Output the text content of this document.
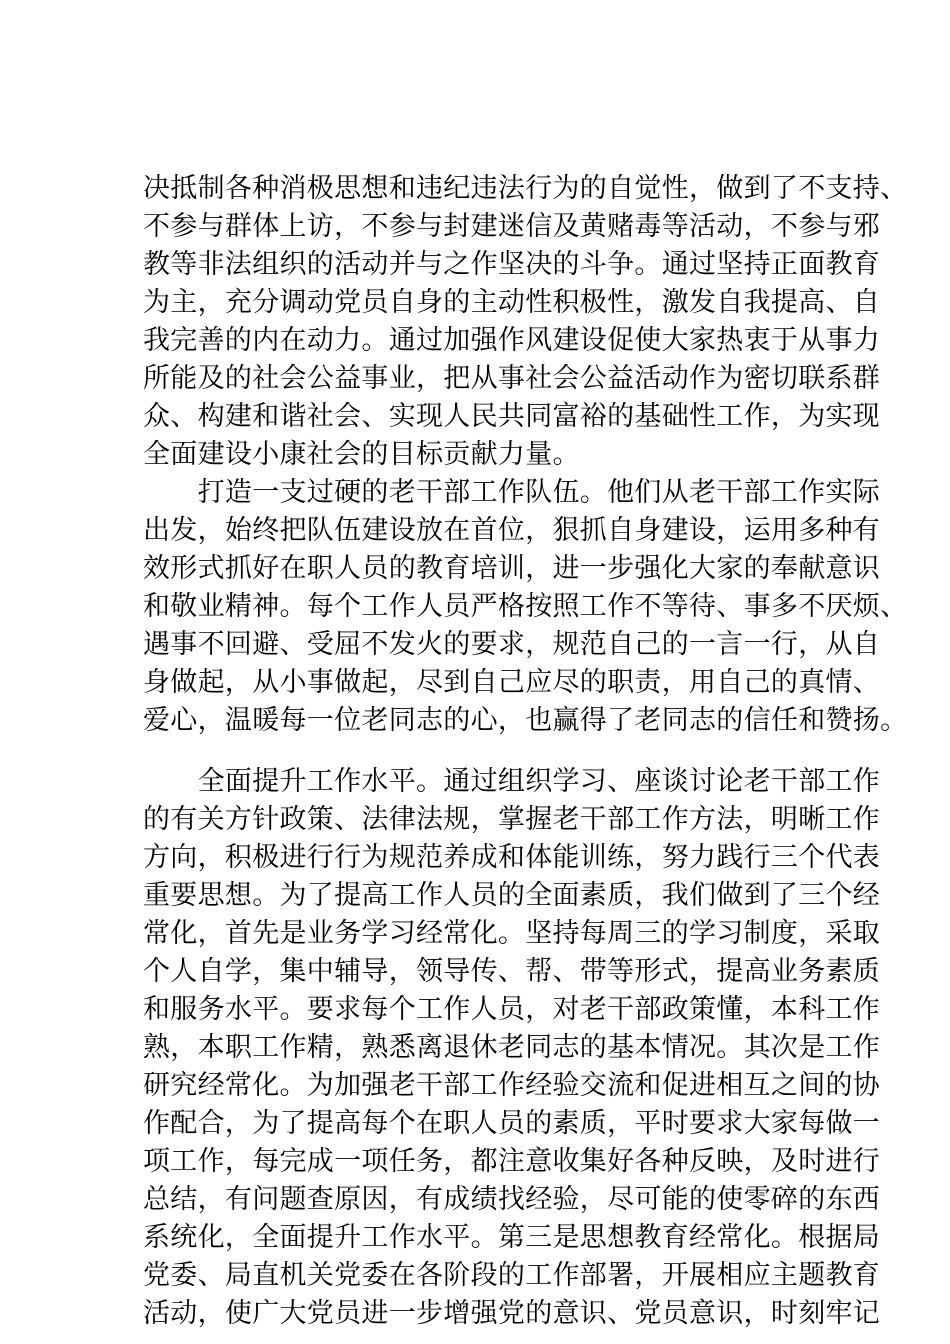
决抵制各种消极思想和违纪违法行为的自觉性，做到了不支持、
不参与群体上访，不参与封建迷信及黄赌毒等活动，不参与邪
教等非法组织的活动并与之作坚决的斗争。通过坚持正面教育
为主，充分调动党员自身的主动性积极性，激发自我提高、自
我完善的内在动力。通过加强作风建设促使大家热衷于从事力
所能及的社会公益事业，把从事社会公益活动作为密切联系群
众、构建和谐社会、实现人民共同富裕的基础性工作，为实现
全面建设小康社会的目标贡献力量。
　　打造一支过硬的老干部工作队伍。他们从老干部工作实际
出发，始终把队伍建设放在首位，狠抓自身建设，运用多种有
效形式抓好在职人员的教育培训，进一步强化大家的奉献意识
和敬业精神。每个工作人员严格按照工作不等待、事多不厌烦、
遇事不回避、受屈不发火的要求，规范自己的一言一行，从自
身做起，从小事做起，尽到自己应尽的职责，用自己的真情、
爱心，温暖每一位老同志的心，也赢得了老同志的信任和赞扬。
　　全面提升工作水平。通过组织学习、座谈讨论老干部工作
的有关方针政策、法律法规，掌握老干部工作方法，明晰工作
方向，积极进行行为规范养成和体能训练，努力践行三个代表
重要思想。为了提高工作人员的全面素质，我们做到了三个经
常化，首先是业务学习经常化。坚持每周三的学习制度，采取
个人自学，集中辅导，领导传、帮、带等形式，提高业务素质
和服务水平。要求每个工作人员，对老干部政策懂，本科工作
熟，本职工作精，熟悉离退休老同志的基本情况。其次是工作
研究经常化。为加强老干部工作经验交流和促进相互之间的协
作配合，为了提高每个在职人员的素质，平时要求大家每做一
项工作，每完成一项任务，都注意收集好各种反映，及时进行
总结，有问题查原因，有成绩找经验，尽可能的使零碎的东西
系统化，全面提升工作水平。第三是思想教育经常化。根据局
党委、局直机关党委在各阶段的工作部署，开展相应主题教育
活动，使广大党员进一步增强党的意识、党员意识，时刻牢记
